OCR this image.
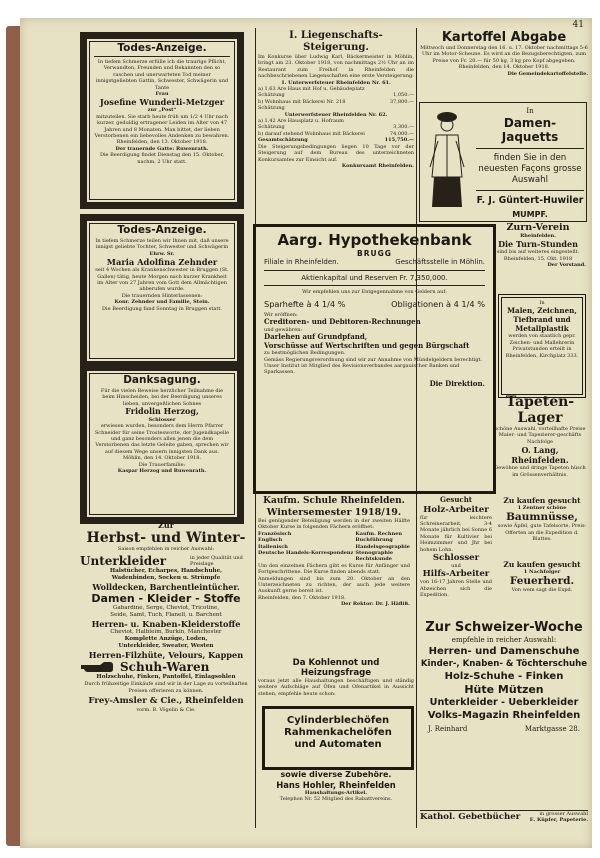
41
Todes-Anzeige.

In tiefem Schmerze erfülle ich die traurige Pflicht, Verwandten, Freunden und Bekannten den so raschen und unerwarteten Tod meiner innigstgeliebten Gattin, Schwester, Schwägerin und Tante

Frau

Josefine Wunderli-Metzger

zur „Post“

mitzuteilen. Sie starb heute früh um 1/2 4 Uhr nach kurzer, geduldig ertragener Leiden im Alter von 47 Jahren und 8 Monaten. Man bittet, der lieben Verstorbenen ein liebevolles Andenken zu bewahren.

Rheinfelden, den 13. Oktober 1918.

Der trauernde Gatte: Ruwenrath.

Die Beerdigung findet Dienstag den 15. Oktober, nachm. 2 Uhr statt.

Todes-Anzeige.

In tiefem Schmerze teilen wir Ihnen mit, daß unsere innigst geliebte Tochter, Schwester und Schwägerin

Ehrw. Sr.

Maria Adolfina Zehnder

seit 4 Wochen als Krankenschwester in Bruggen (St. Gallen) tätig, heute Morgen nach kurzer Krankheit im Alter von 27 Jahren vom Gott dem Allmächtigen abberufen wurde.

Die trauernden Hinterlassenen:

Konr. Zehnder und Familie, Stein.

Die Beerdigung fand Sonntag in Bruggen statt.

Danksagung.

Für die vielen Beweise herzlicher Teilnahme die beim Hinscheiden, bei der Beerdigung unseres lieben, unvergeßlichen Sohnes

Fridolin Herzog,

Schlosser

erwiesen wurden, besonders dem Herrn Pfarrer Schneider für seine Trostesworte, der Jugendkapelle und ganz besonders allen jenen die dem Verstorbenen das letzte Geleite gaben, sprechen wir auf diesem Wege unsern innigsten Dank aus.

Möhlin, den 14. Oktober 1918.

Die Trauerfamilie:

Kaspar Herzog und Ruwenrath.

Zur
Herbst- und Winter-
Saison empfehlen in reicher Auswahl:
Unterkleider	in jeder Qualität und Preislage

Halstücher, Echarpes, Handschuhe,

Wadenbinden, Socken u. Strümpfe

Wolldecken, Barchentleintücher.

Damen - Kleider - Stoffe

Gabardine, Serge, Cheviot, Tricotine,

Seide, Samt, Tuch, Flanell, u. Barchent

Herren- u. Knaben-Kleiderstoffe

Cheviot, Halbleim, Burkin, Manchester

Komplette Anzüge, Loden,

Unterkleider, Sweater, Westen

Herren-Filzhüte, Velours, Kappen

Schuh-Waren

Holzschuhe, Finken, Pantoffel, Einlagsohlen

Durch frühzeitige Einkäufe sind wir in der Lage zu vorteilhaften Preisen offerieren zu können.

Frey-Amsler & Cie., Rheinfelden

vorm. B. Vögelin & Cie.

I. Liegenschafts-Steigerung.

Im Konkurse über Ludwig Karl, Bäckermeister in Möhlin, bringt am 23. Oktober 1918, von nachmittags 2½ Uhr an im Restaurant zum Freihof in Rheinfelden die nachbeschriebenen Liegenschaften eine erste Versteigerung:

1. Unterwerfsteuer Rheinfelden Nr. 61.

a) 1,63 Are Haus mit Hof u. Gebäudeplatz
Schätzung	1,050.—
b) Wohnhaus mit Bäckerei Nr. 218	37,800.—
Schätzung

Unterwerfsteuer Rheinfelden Nr. 62.

a) 1,42 Are Hausplatz u. Hofraum
Schätzung	3,300.—
b) darauf stehend Wohnhaus mit Bäckerei	74,000.—
Gesamtschätzung	115,750.—

Die Steigerungsbedingungen liegen 10 Tage vor der Steigerung auf dem Bureau des unterzeichneten Konkursamtes zur Einsicht auf.

Konkursamt Rheinfelden.

Aarg. Hypothekenbank
BRUGG
Filiale in Rheinfelden.	Geschäftsstelle in Möhlin.
Aktienkapital und Reserven Fr. 7,350,000.

Wir empfehlen uns zur Entgegennahme von Geldern auf:

Sparhefte à 4 1/4 %	Obligationen à 4 1/4 %

Wir eröffnen:

Creditoren- und Debitoren-Rechnungen

und gewähren:

Darlehen auf Grundpfand,

Vorschüsse auf Wertschriften und gegen Bürgschaft

zu bestmöglichen Bedingungen.

Gemäss Regierungsverordnung sind wir zur Annahme von Mündelgeldern berechtigt.

Unser Institut ist Mitglied des Revisionsverbandes aargauischer Banken und Sparkassen.

Die Direktion.

Kaufm. Schule Rheinfelden.
Wintersemester 1918/19.

Bei genügender Beteiligung werden in der zweiten Hälfte Oktober Kurse in folgenden Fächern eröffnet:

Französisch
Englisch
Italienisch
Deutsche Handels-Korrespondenz
Kaufm. Rechnen
Buchführung
Handelsgeographie
Stenographie
Rechtskunde

Um den einzelnen Fächern gibt es Kurse für Anfänger und Fortgeschrittene. Die Kurse finden abends statt.

Anmeldungen sind bis zum 20. Oktober an den Unterzeichneten zu richten, der auch jede weitere Auskunft gerne bereit ist.

Rheinfelden, den 7. Oktober 1918.

Der Rektor: Dr. J. Häfliß.

Da Kohlennot und Heizungsfrage

voraus jetzt alle Haushaltungen beschäftigen und ständig weitere Aufschläge auf Öfen und Ofenartikel in Aussicht stehen, empfehle heute schon:

Cylinderblechöfen
Rahmenkachelöfen
und Automaten
sowie diverse Zubehöre.
Hans Hohler, Rheinfelden
Haushaltungs-Artikel.
Telephon Nr. 52 Mitglied des Rabattvereins.
Kartoffel Abgabe

Mittwoch und Donnerstag den 16. u. 17. Oktober nachmittags 5-6 Uhr im Motor-Scheune. Es wird an die Bezugsberechtigten, zum Preise von Fr. 20.— für 50 kg, 3 kg pro Kopf abgegeben.

Rheinfelden, den 14. Oktober 1918.

Die Gemeindekartoffelstelle.

In
Damen-Jaquetts
finden Sie in den neuesten Façons grosse Auswahl
F. J. Güntert-Huwiler
MUMPF.
Zurn-Verein
Rheinfelden.
Die Turn-Stunden
sind bis auf weiteres eingestellt.
Rheinfelden, 15. Okt. 1918
Der Vorstand.
In
Malen, Zeichnen,
Tiefbrand und
Metallplastik
werden von staatlich gepr. Zeichen- und Mallehrerin Privatstunden erteilt in Rheinfelden, Kirchplatz 333.
Tapeten-Lager
schöne Auswahl, vorteilhafte Preise Maler- und Tapezierer-geschäfts Nachfolge
O. Lang, Rheinfelden.
Gewöhne und dringe Tapeten hüsch im Grössenverhältnis.
Gesucht
Holz-Arbeiter
für leichtere Schreinerarbeit, 3-4 Monate jährlich bei Sonne 6 Monate für Kultivier bei Heimzimmer und Jhr bei hohem Lohn.
Schlosser
und
Hilfs-Arbeiter
von 16-17 Jahren Stelle und Abzeichen sich die Expedition.
Zu kaufen gesucht
1 Zentner schöne
Baumnüsse,
sowie Äpfel, gute Tafelsorte, Preis-Offerten an die Expedition d. Blattes.
Zu kaufen gesucht
1 Nachfolger
Feuerherd.
Von wem sagt die Expd.
Zur Schweizer-Woche
empfehle in reicher Auswahl:
Herren- und Damenschuhe
Kinder-, Knaben- & Töchterschuhe
Holz-Schuhe - Finken
Hüte Mützen
Unterkleider - Ueberkleider
Volks-Magazin Rheinfelden
J. Reinhard	Marktgasse 28.
Kathol. Gebetbücher	in grosser Auswahl
E. Küpfer, Papeterie.
